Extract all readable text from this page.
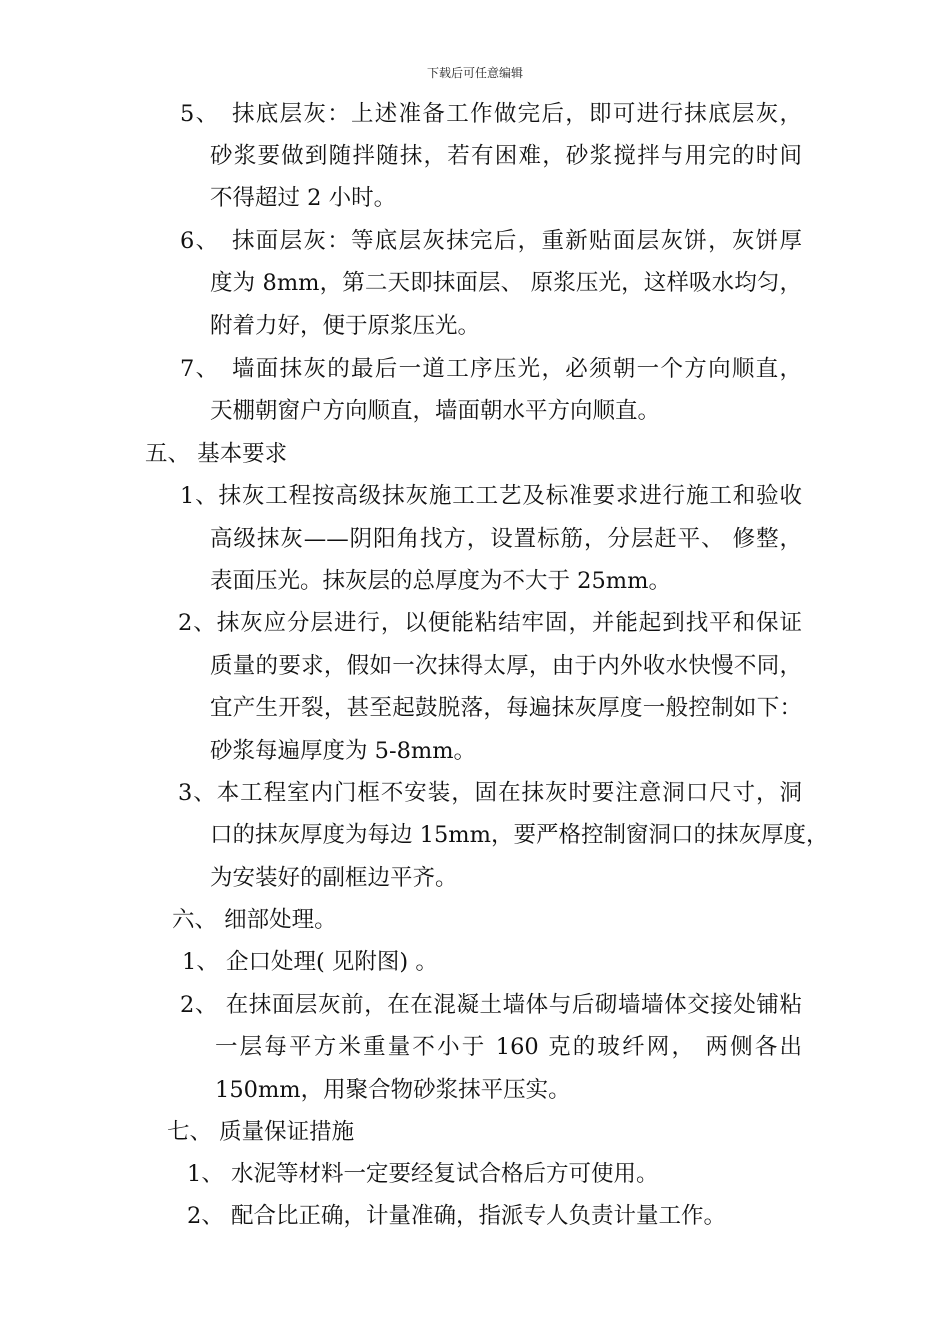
下载后可任意编辑
5、　抹底层灰：上述准备工作做完后，即可进行抹底层灰，
砂浆要做到随拌随抹，若有困难，砂浆搅拌与用完的时间
不得超过 2 小时。
6、　抹面层灰：等底层灰抹完后，重新贴面层灰饼，灰饼厚
度为 8mm，第二天即抹面层、 原浆压光，这样吸水均匀，
附着力好，便于原浆压光。
7、　墙面抹灰的最后一道工序压光，必须朝一个方向顺直，
天棚朝窗户方向顺直，墙面朝水平方向顺直。
五、 基本要求
1、抹灰工程按高级抹灰施工工艺及标准要求进行施工和验收
高级抹灰——阴阳角找方，设置标筋，分层赶平、 修整，
表面压光。抹灰层的总厚度为不大于 25mm。
2、抹灰应分层进行，以便能粘结牢固，并能起到找平和保证
质量的要求，假如一次抹得太厚，由于内外收水快慢不同，
宜产生开裂，甚至起鼓脱落，每遍抹灰厚度一般控制如下：
砂浆每遍厚度为 5-8mm。
3、本工程室内门框不安装，固在抹灰时要注意洞口尺寸，洞
口的抹灰厚度为每边 15mm，要严格控制窗洞口的抹灰厚度，
为安装好的副框边平齐。
六、 细部处理。
1、 企口处理( 见附图) 。
2、 在抹面层灰前，在在混凝土墙体与后砌墙墙体交接处铺粘
一层每平方米重量不小于 160 克的玻纤网， 两侧各出
150mm，用聚合物砂浆抹平压实。
七、 质量保证措施
1、 水泥等材料一定要经复试合格后方可使用。
2、 配合比正确，计量准确，指派专人负责计量工作。
